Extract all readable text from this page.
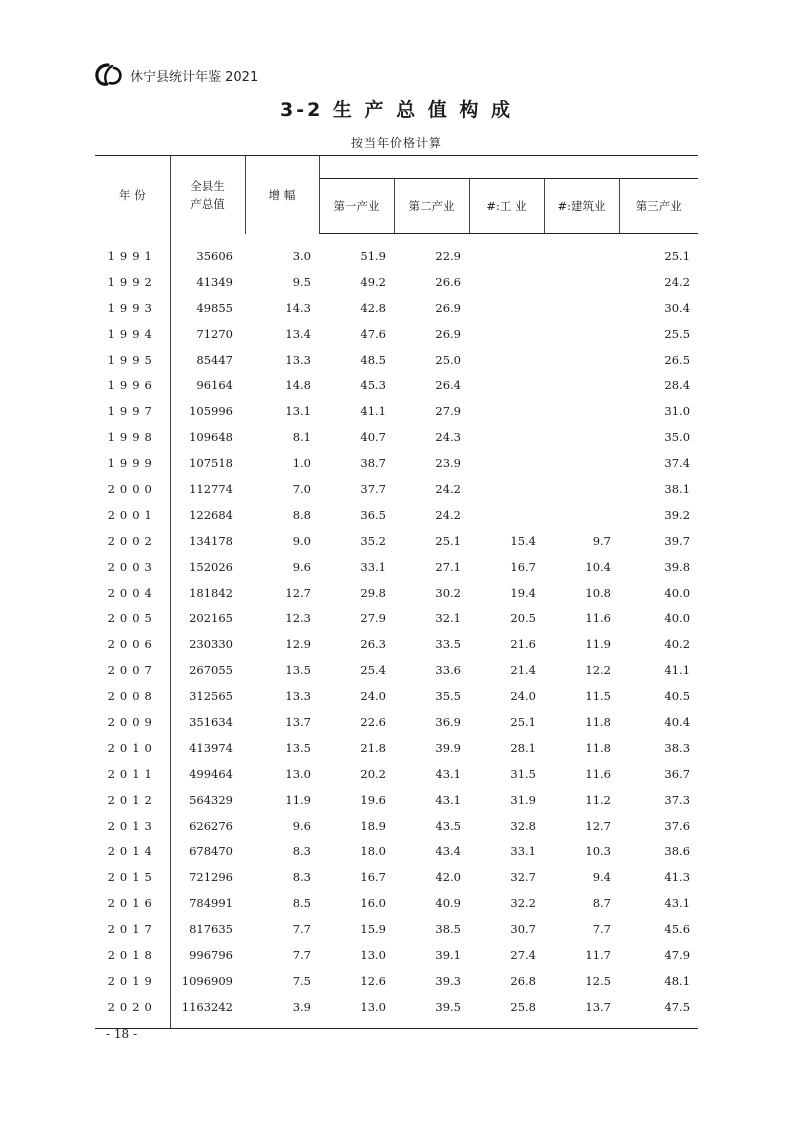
休宁县统计年鉴 2021
3-2 生 产 总 值 构 成
按当年价格计算
年 份	全县生 产总值	增 幅					
			第一产业	第二产业	#:工 业	#:建筑业	第三产业

1991	35606	3.0	51.9	22.9			25.1
1992	41349	9.5	49.2	26.6			24.2
1993	49855	14.3	42.8	26.9			30.4
1994	71270	13.4	47.6	26.9			25.5
1995	85447	13.3	48.5	25.0			26.5
1996	96164	14.8	45.3	26.4			28.4
1997	105996	13.1	41.1	27.9			31.0
1998	109648	8.1	40.7	24.3			35.0
1999	107518	1.0	38.7	23.9			37.4
2000	112774	7.0	37.7	24.2			38.1
2001	122684	8.8	36.5	24.2			39.2
2002	134178	9.0	35.2	25.1	15.4	9.7	39.7
2003	152026	9.6	33.1	27.1	16.7	10.4	39.8
2004	181842	12.7	29.8	30.2	19.4	10.8	40.0
2005	202165	12.3	27.9	32.1	20.5	11.6	40.0
2006	230330	12.9	26.3	33.5	21.6	11.9	40.2
2007	267055	13.5	25.4	33.6	21.4	12.2	41.1
2008	312565	13.3	24.0	35.5	24.0	11.5	40.5
2009	351634	13.7	22.6	36.9	25.1	11.8	40.4
2010	413974	13.5	21.8	39.9	28.1	11.8	38.3
2011	499464	13.0	20.2	43.1	31.5	11.6	36.7
2012	564329	11.9	19.6	43.1	31.9	11.2	37.3
2013	626276	9.6	18.9	43.5	32.8	12.7	37.6
2014	678470	8.3	18.0	43.4	33.1	10.3	38.6
2015	721296	8.3	16.7	42.0	32.7	9.4	41.3
2016	784991	8.5	16.0	40.9	32.2	8.7	43.1
2017	817635	7.7	15.9	38.5	30.7	7.7	45.6
2018	996796	7.7	13.0	39.1	27.4	11.7	47.9
2019	1096909	7.5	12.6	39.3	26.8	12.5	48.1
2020	1163242	3.9	13.0	39.5	25.8	13.7	47.5

- 18 -
